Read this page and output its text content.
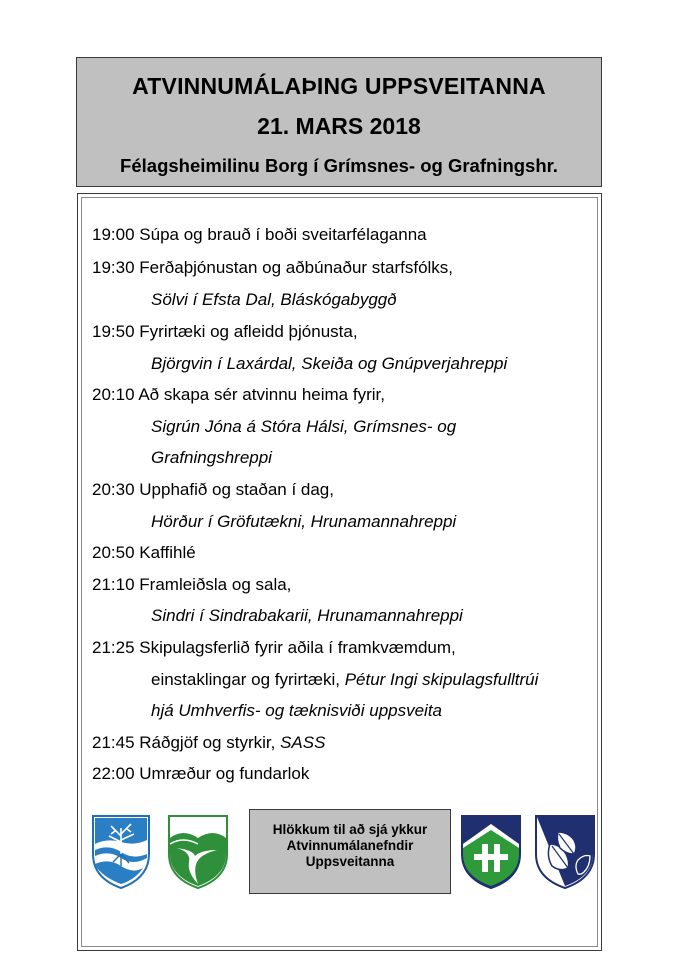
ATVINNUMÁLAÞING UPPSVEITANNA
21. MARS 2018
Félagsheimilinu Borg í Grímsnes- og Grafningshr.
19:00 Súpa og brauð í boði sveitarfélaganna
19:30 Ferðaþjónustan og aðbúnaður starfsfólks,
Sölvi í Efsta Dal, Bláskógabyggð
19:50 Fyrirtæki og afleidd þjónusta,
Björgvin í Laxárdal, Skeiða og Gnúpverjahreppi
20:10 Að skapa sér atvinnu heima fyrir,
Sigrún Jóna á Stóra Hálsi, Grímsnes- og
Grafningshreppi
20:30 Upphafið og staðan í dag,
Hörður í Gröfutækni, Hrunamannahreppi
20:50 Kaffihlé
21:10 Framleiðsla og sala,
Sindri í Sindrabakarii, Hrunamannahreppi
21:25 Skipulagsferlið fyrir aðila í framkvæmdum,
einstaklingar og fyrirtæki, Pétur Ingi skipulagsfulltrúi
hjá Umhverfis- og tæknisviði uppsveita
21:45 Ráðgjöf og styrkir, SASS
22:00 Umræður og fundarlok
Hlökkum til að sjá ykkur
Atvinnumálanefndir
Uppsveitanna
